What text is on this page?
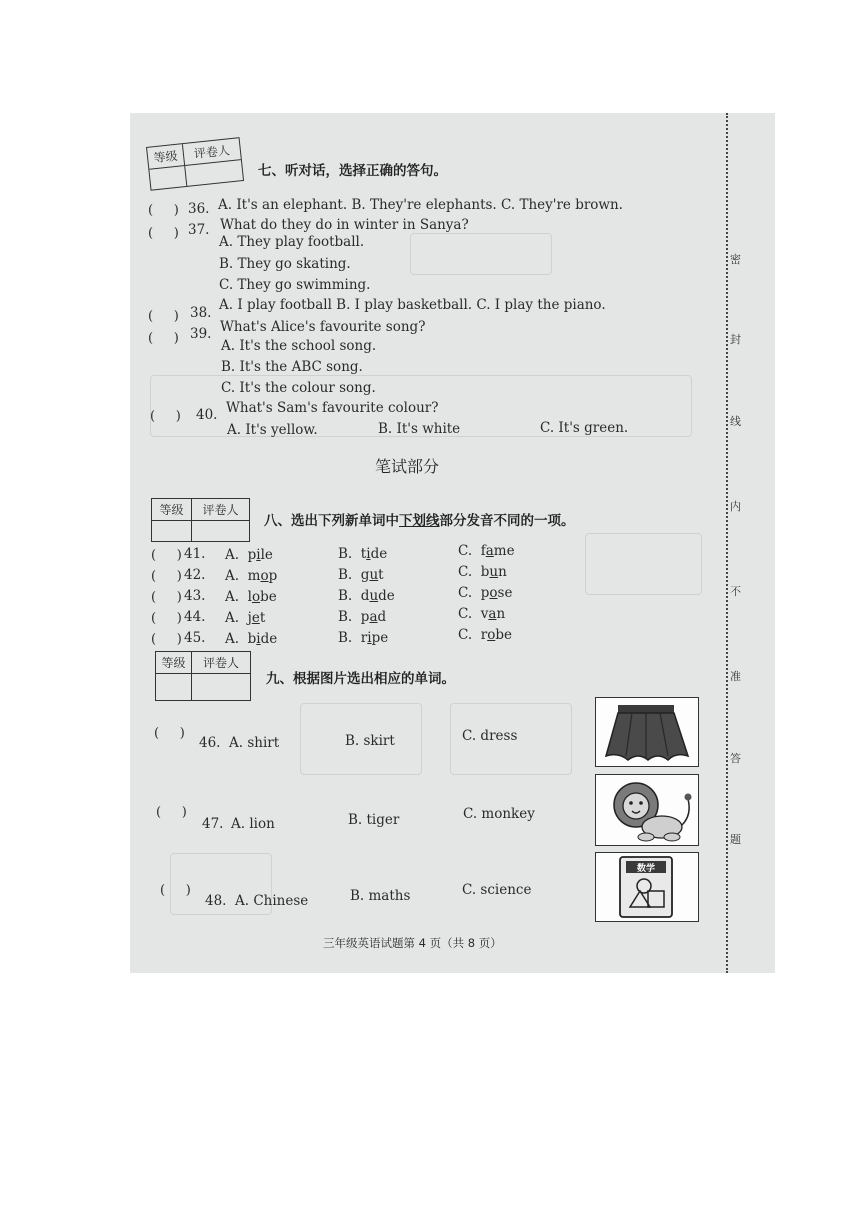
密
封
线
内
不
准
答
题
等级	评卷人
七、听对话，选择正确的答句。
(     ) 36. A. It's an elephant. B. They're elephants. C. They're brown.
(     ) 37. What do they do in winter in Sanya?
A. They play football.
B. They go skating.
C. They go swimming.
(     ) 38. A. I play football B. I play basketball. C. I play the piano.
(     ) 39. What's Alice's favourite song?
A. It's the school song.
B. It's the ABC song.
C. It's the colour song.
(     ) 40. What's Sam's favourite colour?
A. It's yellow.	B. It's white	C. It's green.
笔试部分
等级	评卷人
八、选出下列新单词中下划线部分发音不同的一项。
(     ) 41. A.  pile	B.  tide	C.  fame
(     ) 42. A.  mop	B.  gut	C.  bun
(     ) 43. A.  lobe	B.  dude	C.  pose
(     ) 44. A.  jet	B.  pad	C.  van
(     ) 45. A.  bide	B.  ripe	C.  robe
等级	评卷人
九、根据图片选出相应的单词。
(     )
46. A. shirt	B. skirt	C. dress
(     )
47. A. lion	B. tiger	C. monkey
(     )
48. A. Chinese	B. maths	C. science
数学
三年级英语试题第 4 页（共 8 页）
